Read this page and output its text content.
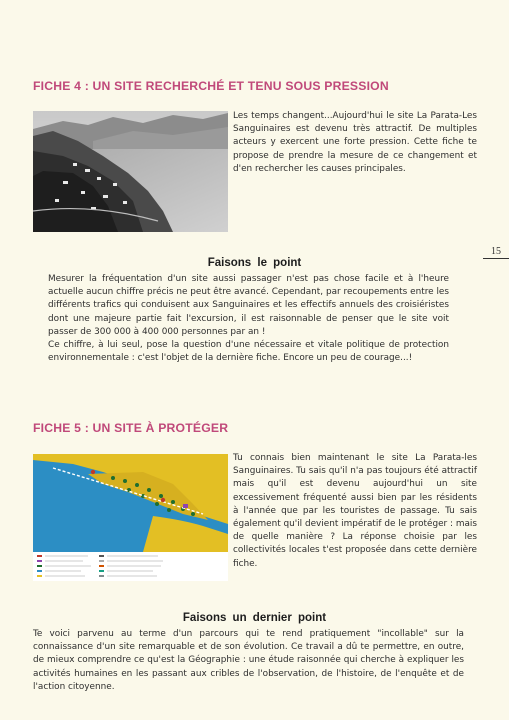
FICHE 4 : UN SITE RECHERCHÉ ET TENU SOUS PRESSION
Les temps changent...Aujourd'hui le site La Parata-Les Sanguinaires est devenu très attractif. De multiples acteurs y exercent une forte pression. Cette fiche te propose de prendre la mesure de ce changement et d'en rechercher les causes principales.
15
Faisons le point
Mesurer la fréquentation d'un site aussi passager n'est pas chose facile et à l'heure actuelle aucun chiffre précis ne peut être avancé. Cependant, par recoupements entre les différents trafics qui conduisent aux Sanguinaires et les effectifs annuels des croisiéristes dont une majeure partie fait l'excursion, il est raisonnable de penser que le site voit passer de 300 000 à 400 000 personnes par an !
Ce chiffre, à lui seul, pose la question d'une nécessaire et vitale politique de protection environnementale : c'est l'objet de la dernière fiche. Encore un peu de courage...!
FICHE 5 : UN SITE À PROTÉGER
Tu connais bien maintenant le site La Parata-les Sanguinaires. Tu sais qu'il n'a pas toujours été attractif mais qu'il est devenu aujourd'hui un site excessivement fréquenté aussi bien par les résidents à l'année que par les touristes de passage. Tu sais également qu'il devient impératif de le protéger : mais de quelle manière ? La réponse choisie par les collectivités locales t'est proposée dans cette dernière fiche.
Faisons un dernier point
Te voici parvenu au terme d'un parcours qui te rend pratiquement "incollable" sur la connaissance d'un site remarquable et de son évolution. Ce travail a dû te permettre, en outre, de mieux comprendre ce qu'est la Géographie : une étude raisonnée qui cherche à expliquer les activités humaines en les passant aux cribles de l'observation, de l'histoire, de l'enquête et de l'action citoyenne.
